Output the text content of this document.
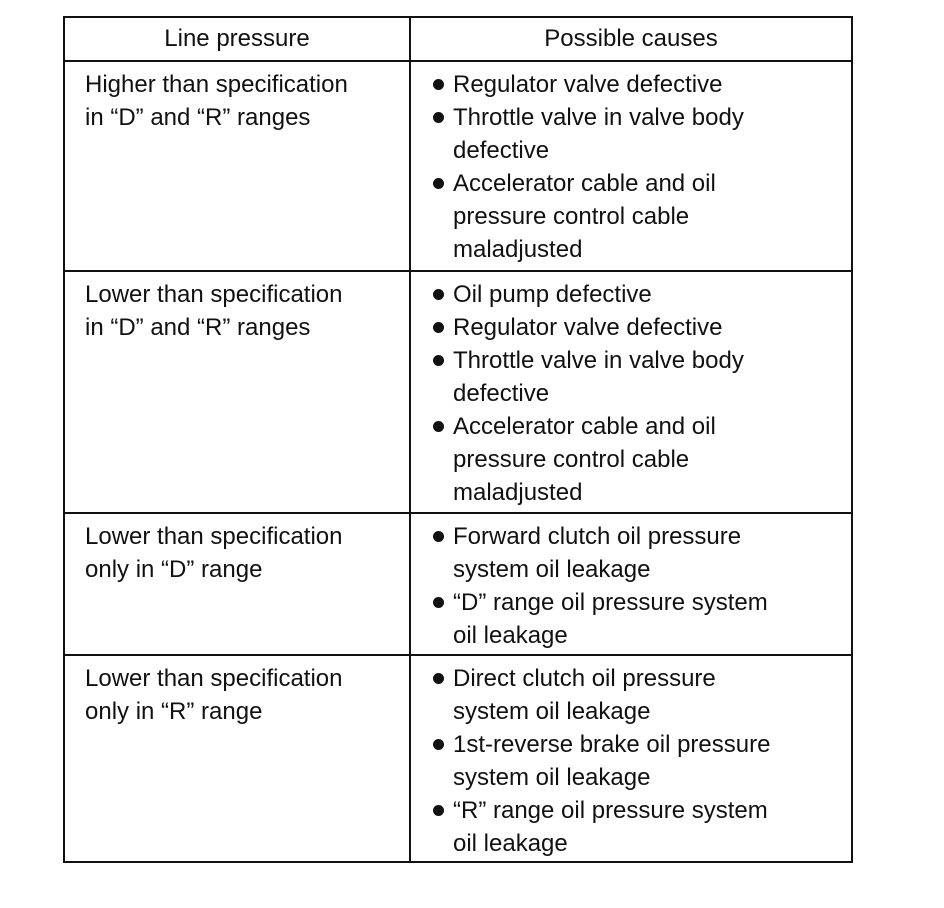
Line pressure	Possible causes
Higher than specification
in “D” and “R” ranges
Regulator valve defective
Throttle valve in valve body
defective
Accelerator cable and oil
pressure control cable
maladjusted
Lower than specification
in “D” and “R” ranges
Oil pump defective
Regulator valve defective
Throttle valve in valve body
defective
Accelerator cable and oil
pressure control cable
maladjusted
Lower than specification
only in “D” range
Forward clutch oil pressure
system oil leakage
“D” range oil pressure system
oil leakage
Lower than specification
only in “R” range
Direct clutch oil pressure
system oil leakage
1st-reverse brake oil pressure
system oil leakage
“R” range oil pressure system
oil leakage
